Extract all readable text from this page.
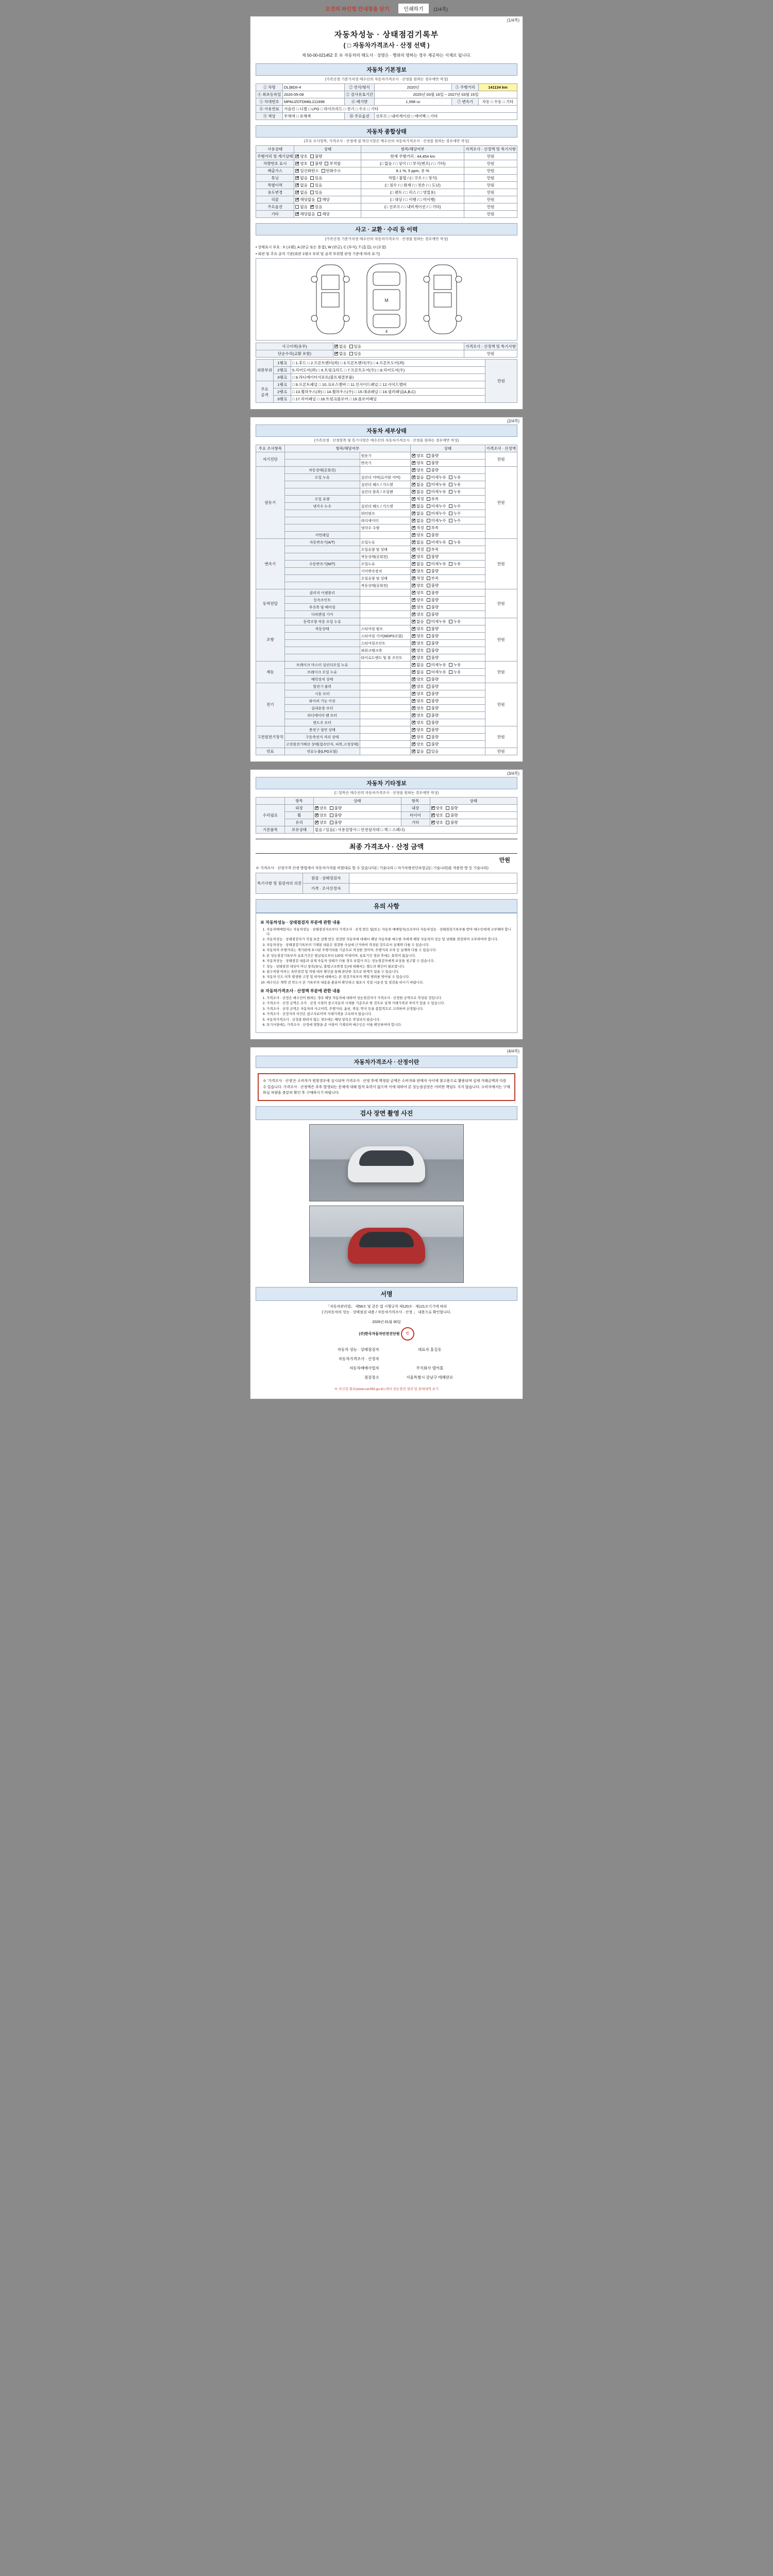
오건의 파인법 안내창을 닫기	인쇄하기 (1/4쪽)
(1/4쪽)
자동차성능 · 상태점검기록부
( □ 자동차가격조사 · 산정 선택 )
제 50-00-021452 호 ※ 자동차의 매도사 · 성명은 · 행위의 명하는 경우 제공하는 서체로 됩니다.
자동차 기본정보
(가족선정 기준가치정 매수산의 자동차가격조사 · 산정을 원하는 경우에만 작성)
① 차명	DL(BDII-4	② 연식/형식	2020년	③ 주행거리	141134 km
④ 최초등록일	2020-05-08	② 검사유효기간	2025년 03월 16일 ~ 2027년 03월 15일		
⑤ 차대번호	MPAUZ0TDM6L211998	⑥ 배기량	1,598 cc	⑦ 변속기	자동 □ 수동 □ 기타
⑧ 사용연료	가솔린 □ 디젤 □ LPG □ 하이브리드 □ 전기 □ 수소 □ 기타				
⑨ 색상	무채색 □ 유채색	⑩ 주요옵션	선루프 □ 내비게이션 □ 에어백 □ 기타		
자동차 종합상태
(주요 조사항목, 가격조사 · 산정에 필 혁신사항은 매수산의 자동차가격조사 · 산정을 원하는 경우에만 작성)
사용상태	상태	항목/해당여부	가격조사 · 산정액 및 특기사항
주행거리 및 계기상태	✔양호 불량	현재 주행거리 : 44,454 km	만원
차량번호 표시	✔양호 불량 부적합	(□ 없음 / □ 상이 / □ 부식(변조) / □ 기타)	만원
배출가스	✔일산화탄소 탄화수소	8.1 %, 5 ppm, 유 %	만원
튜닝	✔없음 있음	적법 / 불법 / (□ 구조 / □ 장치)	만원
특별이력	✔없음 있음	(□ 침수 / □ 화재 / □ 전손 / □ 도난)	만원
용도변경	✔없음 있음	(□ 렌트 / □ 리스 / □ 영업용)	만원
리콜	✔해당없음 해당	(□ 대상 / □ 이행 / □ 미이행)	만원
주요옵션	없음 ✔ 있음	(□ 선루프 / □ 내비게이션 / □ 기타)	만원
기타	✔해당없음 해당		만원
사고 · 교환 · 수리 등 이력
(가족선정 기준가치정 매수산의 자동차가격조사 · 산정을 원하는 경우에만 작성)
• 상태표시 부호 : X (교환), A (판금 또는 용접), W (판금), C (부식), T (흠집), U (요철)
• 외판 및 주요 골격 기준(외판 1랭크 부위 및 골격 부위별 판정 기준에 따라 표기)
M
4
사고이력(유무)	✔없음 있음	가격조사 · 산정액 및 특기사항
단순수리(교환 포함)	✔없음 있음	만원
외판부위	1랭크	□ 1.후드 □ 2.프론트펜더(좌) □ 3.프론트펜더(우) □ 4.프론트도어(좌)	만원
	2랭크	5.리어도어(좌) □ 6.트렁크리드 □ 7.프론트도어(우) □ 8.리어도어(우)	
	3랭크	□ 9.라디에이터서포트(볼트체결부품)	
주요
골격	1랭크	□ 9.프론트패널 □ 10.크로스멤버 □ 11.인사이드패널 □ 12.사이드멤버	
	2랭크	□ 13.휠하우스(좌) □ 14.휠하우스(우) □ 15.대쉬패널 □ 16.필러패널(A,B,C)	
	3랭크	□ 17.리어패널 □ 18.트렁크플로어 □ 19.플로어패널	
(2/4쪽)
자동차 세부상태
(가족선정 · 산정항목 및 특기사항은 매수산의 자동차가격조사 · 산정을 원하는 경우에만 작성)
주요 조사항목	항목/해당여부		상태	가격조사 · 산정액
자기진단		원동기	✔양호 불량	만원
		변속기	✔양호 불량
원동기	작동상태(공회전)		✔양호 불량	만원
	오일 누유	실린더 커버(로커암 커버)	✔없음 미세누유 누유
		실린더 헤드 / 가스켓	✔없음 미세누유 누유
		실린더 블록 / 오일팬	✔없음 미세누유 누유
	오일 유량		✔적정 부족
	냉각수 누수	실린더 헤드 / 가스켓	✔없음 미세누수 누수
		워터펌프	✔없음 미세누수 누수
		라디에이터	✔없음 미세누수 누수
		냉각수 수량	✔적정 부족
	커먼레일		✔양호 불량
변속기	자동변속기(A/T)	오일누유	✔없음 미세누유 누유	만원
		오일유량 및 상태	✔적정 부족
		작동상태(공회전)	✔양호 불량
	수동변속기(M/T)	오일누유	✔없음 미세누유 누유
		기어변속장치	✔양호 불량
		오일유량 및 상태	✔적정 부족
		작동상태(공회전)	✔양호 불량
동력전달	클러치 어셈블리		✔양호 불량	만원
	등속조인트		✔양호 불량
	추진축 및 베어링		✔양호 불량
	디퍼렌셜 기어		✔양호 불량
조향	동력조향 작동 오일 누유		✔없음 미세누유 누유	만원
	작동상태	스티어링 펌프	✔양호 불량
		스티어링 기어(MDPS포함)	✔양호 불량
		스티어링조인트	✔양호 불량
		파워크랭크축	✔양호 불량
		타이로드엔드 및 볼 조인트	✔양호 불량
제동	브레이크 마스터 실린더오일 누유		✔없음 미세누유 누유	만원
	브레이크 오일 누유		✔없음 미세누유 누유
	배력장치 상태		✔양호 불량
전기	발전기 출력		✔양호 불량	만원
	시동 모터		✔양호 불량
	와이퍼 기능 이상		✔양호 불량
	실내송풍 모터		✔양호 불량
	라디에이터 팬 모터		✔양호 불량
	윈도우 모터		✔양호 불량
고전원전기장치	충전구 절연 상태		✔양호 불량	만원
	구동축전지 격리 상태		✔양호 불량
	고전원전기배선 상태(접속단자, 피복,고정상태)		✔양호 불량
연료	연료누출(LPG포함)		✔없음 있음	만원
(3/4쪽)
자동차 기타정보
(□ 항목은 매수산의 자동차가격조사 · 산정을 원하는 경우에만 작성)
	항목	상태	항목	상태
수리필요	외장	✔양호 불량	내장	✔양호 불량
	휠	✔양호 불량	타이어	✔양호 불량
	유리	✔양호 불량	기타	✔양호 불량
기본품목	보유상태	없음 / 있음(□ 사용설명서 □ 안전삼각대 □ 잭 □ 스패너)		
최종 가격조사 · 산정 금액
만원
※ 가격조사 · 산정가격 산정 방법에서 자동차가격을 비할대로 할 수 있습니다(□ 기술나라 □ 자기차량진단보험금(□ 기술나라)을 적용한 방 등 기술나라)
특기사항 및 점검자의 의견	점검 · 상태정검자	
	가격 · 조사산정자	
유의 사항
※ 자동차성능 · 상태점검자 부분에 관한 내용
1. 자동차매매업자는 자동차성능 · 상태점검자로부터 가격조사 · 산정 받은 팀(또는 자동차 매매업자)으로부터 자동차성능 · 상태점검기록부를 받아 매수인에게 교부해야 합니다.
2. 자동차성능 · 상태점검자가 직접 보증 실행 받은 점검한 자동차에 대해서 해당 자동차를 매수한 자에게 해당 자동차의 성능 및 상태를 점검하여 교부하여야 합니다.
3. 자동차성능 · 상태점검기록부의 기재된 내용은 점검한 사실에 근거하여 작성된 것으로서 실제와 다를 수 있습니다.
4. 자동차의 주행거리는 계기판에 표시된 주행거리를 기준으로 작성한 것이며, 주행거리 조작 등 실제와 다를 수 있습니다.
5. 본 성능점검기록부의 유효기간은 발급일로부터 120일 이내이며, 유효기간 경과 후에는 효력이 없습니다.
6. 자동차성능 · 상태점검 내용과 실제 자동차 상태가 다를 경우 보험사 또는 성능점검자에게 보상을 청구할 수 있습니다.
7. 성능 · 상태점검 대상이 아닌 항목(튜닝, 불법구조변경 등)에 대해서는 별도의 확인이 필요합니다.
8. 침수차량 여부는 육안점검 및 차량 내부 확인을 통해 판단한 것으로 한계가 있을 수 있습니다.
9. 자동차 인도 이후 발생한 고장 및 하자에 대해서는 본 점검기록부의 책임 범위를 벗어날 수 있습니다.
10. 매수인은 계약 전 반드시 본 기록부의 내용을 충분히 확인하고 필요시 직접 시운전 및 점검을 하시기 바랍니다.
※ 자동차가격조사 · 산정액 부분에 관한 내용
1. 가격조사 · 산정은 매수인이 원하는 경우 해당 자동차에 대하여 성능점검자가 가격조사 · 산정한 금액으로 작성된 것입니다.
2. 가격조사 · 산정 금액은 조사 · 산정 시점의 중고자동차 시세를 기준으로 한 것으로 실제 거래가격과 차이가 있을 수 있습니다.
3. 가격조사 · 산정 금액은 자동차의 사고이력, 주행거리, 옵션, 색상, 연식 등을 종합적으로 고려하여 산정됩니다.
4. 가격조사 · 산정자의 의견은 참고자료이며 거래가격을 구속하지 않습니다.
5. 자동차가격조사 · 산정을 원하지 않는 경우에는 해당 항목은 작성되지 않습니다.
6. 특기사항에는 가격조사 · 산정에 영향을 준 사항이 기재되며 매수인은 이를 확인하여야 합니다.
(4/4쪽)
자동차가격조사 · 산정이란
※ '가격조사 · 산정'은 소비자가 원할경우에 실시되며 가격조사 · 산정 후에 책정된 금액은 소비자와 판매자 사이에 참고용으로 활용되며 실제 거래금액과 다를 수 있습니다. 가격조사 · 산정액은 추후 발생되는 문제에 대해 법적 효력이 없으며 이에 대하여 본 성능점검장은 어떠한 책임도 지지 않습니다. 소비자께서는 구매하실 차량을 충분히 확인 후 구매하시기 바랍니다.
검사 장면 촬영 사진
서명
「자동차관리법」 제58조 및 같은 법 시행규칙 제120조 · 제121조기기에 따라
(구)자동차의 성능 · 상태점검 내용 / 자동차가격조사 · 산정 」 내용으로 확인합니다.
2026년 01월 30일
(주)한국자동차안전진단원 인
자동차 성능 · 상태점검자	대표자 홍길동
자동차가격조사 · 산정자	
자동차매매사업자	주식회사 델카몰
점검장소	서울특별시 강남구 테헤란로
※ 자신전 회보(www.car365.go.kr) 에서 성능점검 결과 및 판매내역 보기
